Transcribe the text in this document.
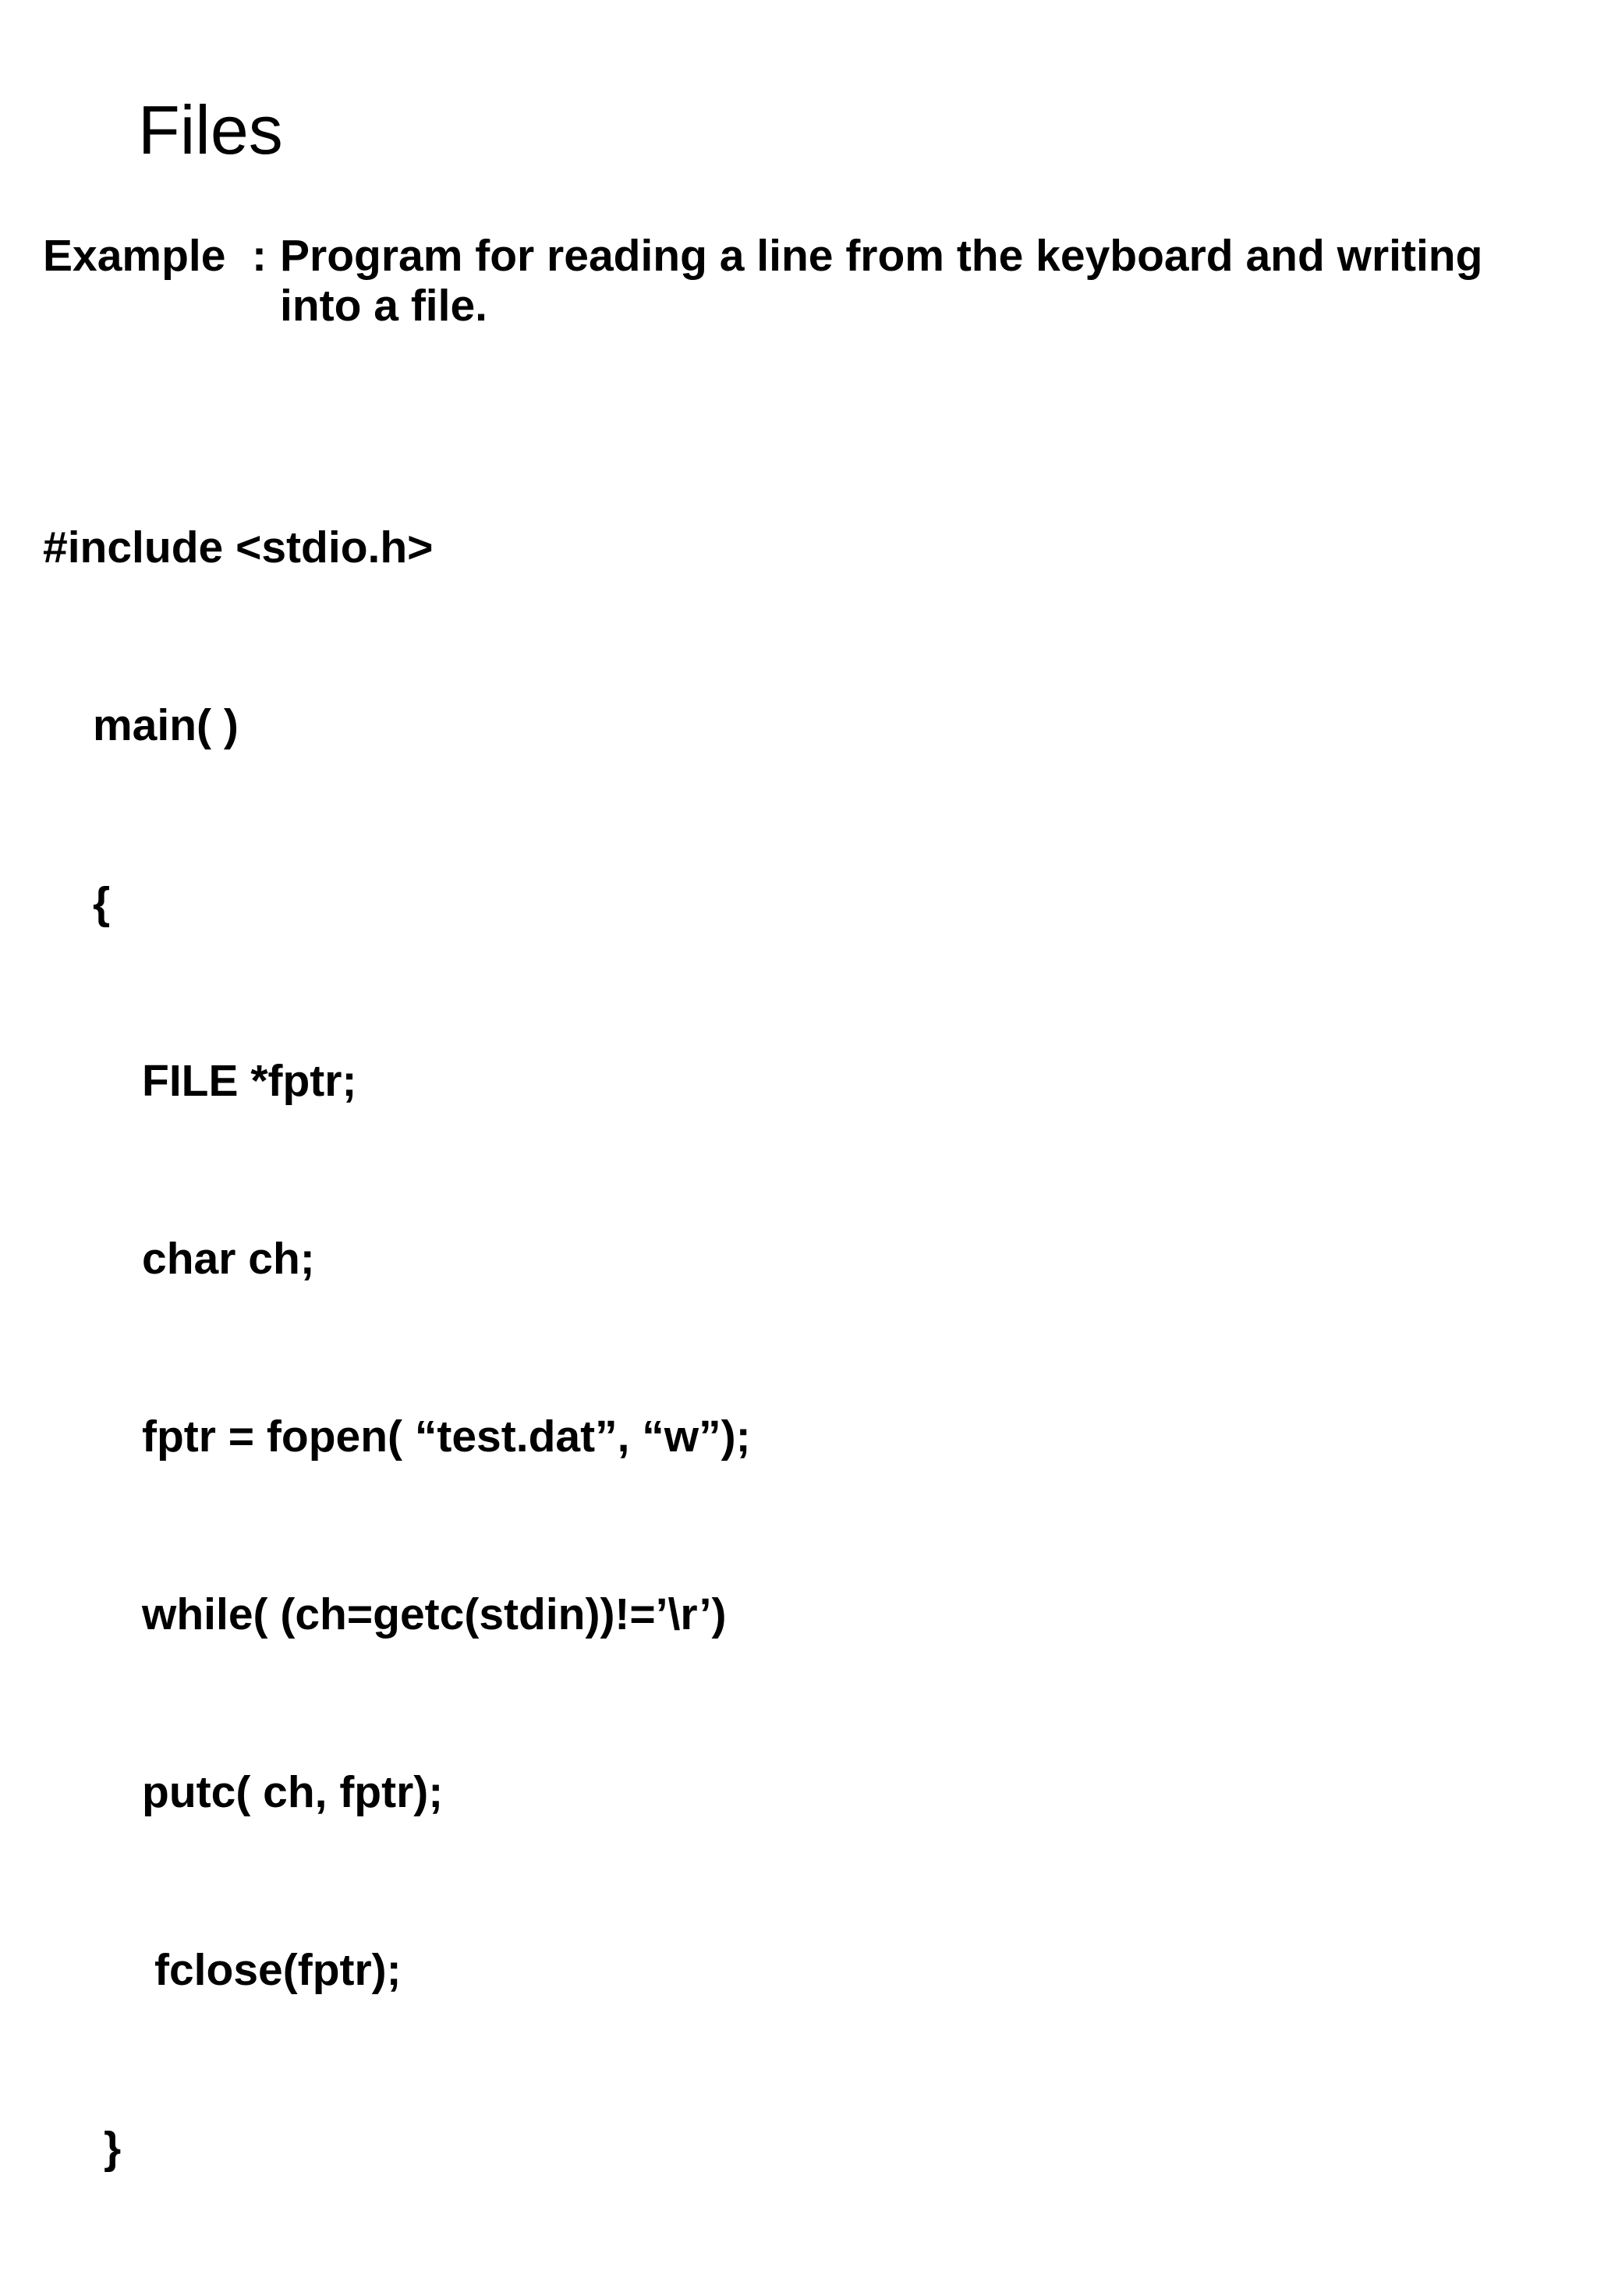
Files
Example : Program for reading a line from the keyboard and writing
into a file.

#include <stdio.h>

main( )

{

FILE *fptr;

char ch;

fptr = fopen( “test.dat”, “w”);

while( (ch=getc(stdin))!=’\r’)

putc( ch, fptr);

fclose(fptr);

}
